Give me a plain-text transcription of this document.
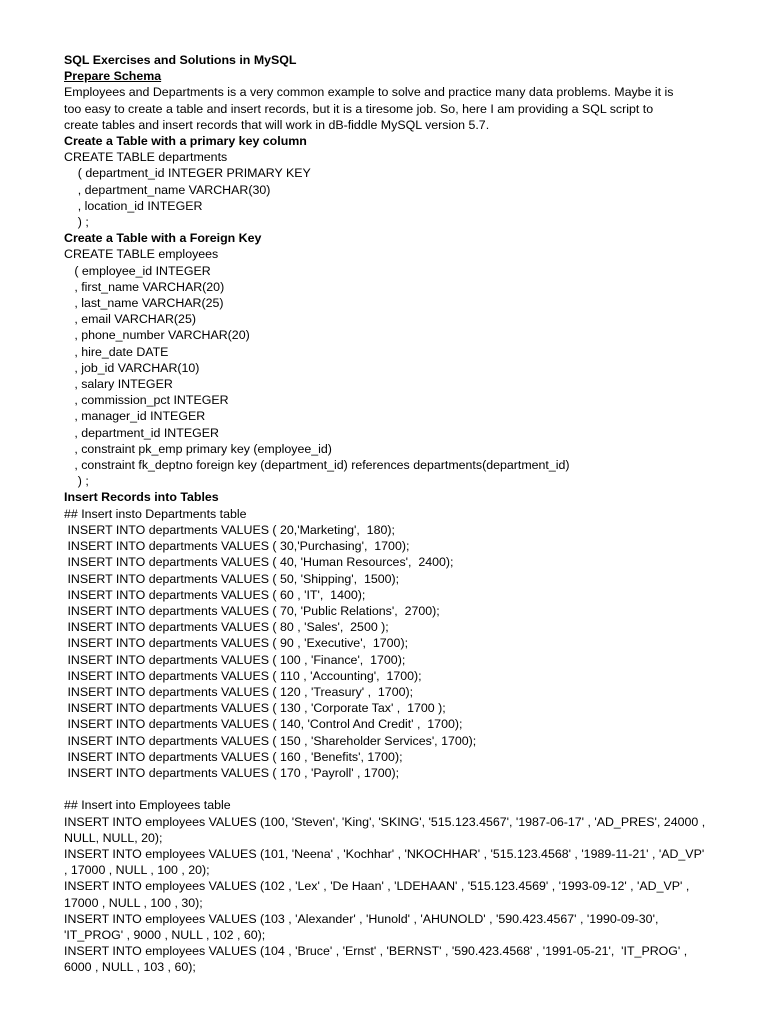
SQL Exercises and Solutions in MySQL

Prepare Schema

Employees and Departments is a very common example to solve and practice many data problems. Maybe it is

too easy to create a table and insert records, but it is a tiresome job. So, here I am providing a SQL script to

create tables and insert records that will work in dB-fiddle MySQL version 5.7.

Create a Table with a primary key column

CREATE TABLE departments

( department_id INTEGER PRIMARY KEY

, department_name VARCHAR(30)

, location_id INTEGER

) ;

Create a Table with a Foreign Key

CREATE TABLE employees

( employee_id INTEGER

, first_name VARCHAR(20)

, last_name VARCHAR(25)

, email VARCHAR(25)

, phone_number VARCHAR(20)

, hire_date DATE

, job_id VARCHAR(10)

, salary INTEGER

, commission_pct INTEGER

, manager_id INTEGER

, department_id INTEGER

, constraint pk_emp primary key (employee_id)

, constraint fk_deptno foreign key (department_id) references departments(department_id)

) ;

Insert Records into Tables

## Insert insto Departments table

INSERT INTO departments VALUES ( 20,'Marketing',  180);

INSERT INTO departments VALUES ( 30,'Purchasing',  1700);

INSERT INTO departments VALUES ( 40, 'Human Resources',  2400);

INSERT INTO departments VALUES ( 50, 'Shipping',  1500);

INSERT INTO departments VALUES ( 60 , 'IT',  1400);

INSERT INTO departments VALUES ( 70, 'Public Relations',  2700);

INSERT INTO departments VALUES ( 80 , 'Sales',  2500 );

INSERT INTO departments VALUES ( 90 , 'Executive',  1700);

INSERT INTO departments VALUES ( 100 , 'Finance',  1700);

INSERT INTO departments VALUES ( 110 , 'Accounting',  1700);

INSERT INTO departments VALUES ( 120 , 'Treasury' ,  1700);

INSERT INTO departments VALUES ( 130 , 'Corporate Tax' ,  1700 );

INSERT INTO departments VALUES ( 140, 'Control And Credit' ,  1700);

INSERT INTO departments VALUES ( 150 , 'Shareholder Services', 1700);

INSERT INTO departments VALUES ( 160 , 'Benefits', 1700);

INSERT INTO departments VALUES ( 170 , 'Payroll' , 1700);

## Insert into Employees table

INSERT INTO employees VALUES (100, 'Steven', 'King', 'SKING', '515.123.4567', '1987-06-17' , 'AD_PRES', 24000 ,

NULL, NULL, 20);

INSERT INTO employees VALUES (101, 'Neena' , 'Kochhar' , 'NKOCHHAR' , '515.123.4568' , '1989-11-21' , 'AD_VP'

, 17000 , NULL , 100 , 20);

INSERT INTO employees VALUES (102 , 'Lex' , 'De Haan' , 'LDEHAAN' , '515.123.4569' , '1993-09-12' , 'AD_VP' ,

17000 , NULL , 100 , 30);

INSERT INTO employees VALUES (103 , 'Alexander' , 'Hunold' , 'AHUNOLD' , '590.423.4567' , '1990-09-30',

'IT_PROG' , 9000 , NULL , 102 , 60);

INSERT INTO employees VALUES (104 , 'Bruce' , 'Ernst' , 'BERNST' , '590.423.4568' , '1991-05-21',  'IT_PROG' ,

6000 , NULL , 103 , 60);
